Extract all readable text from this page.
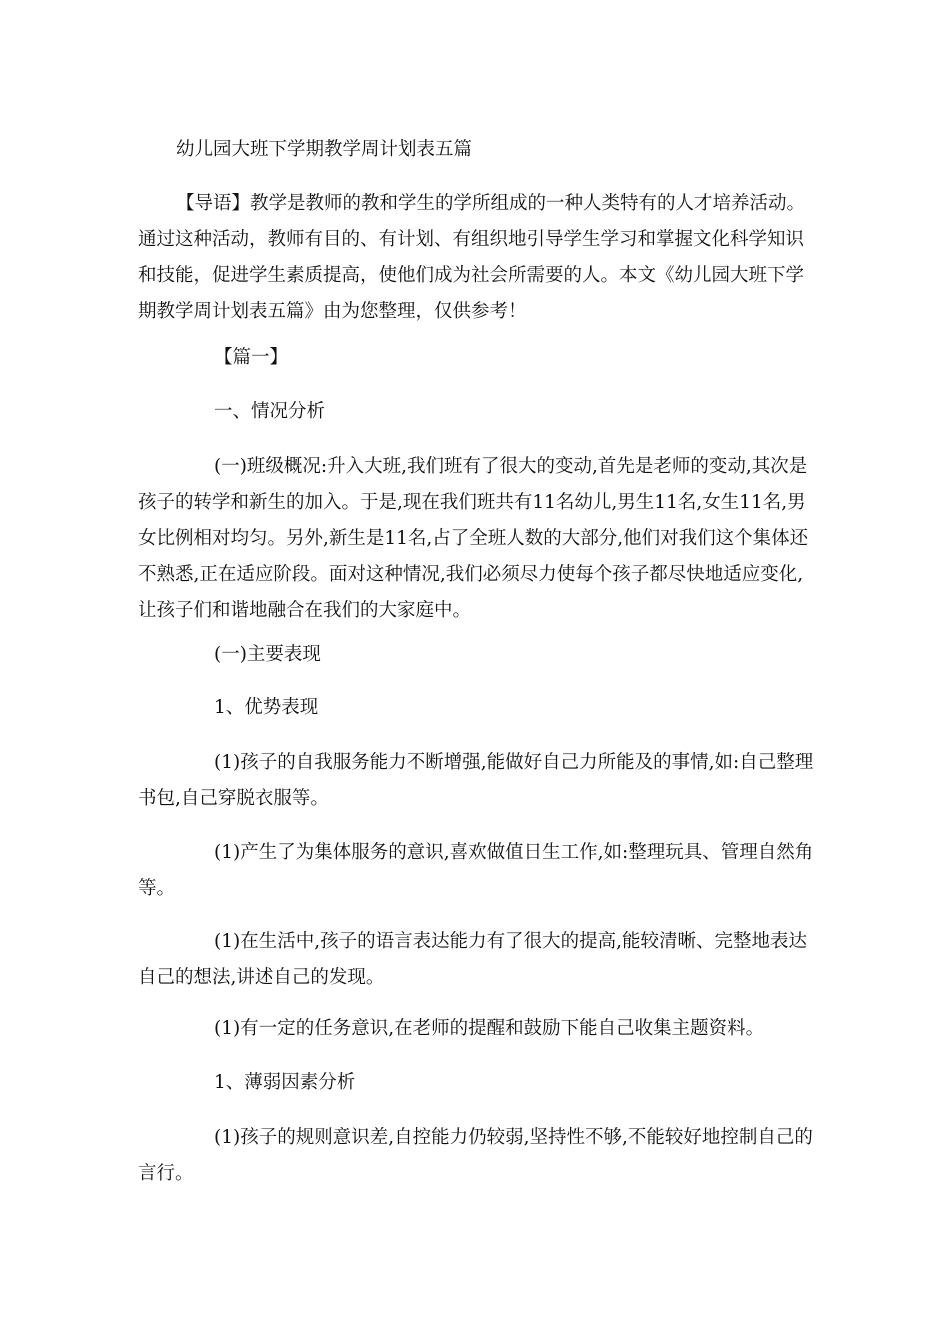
幼儿园大班下学期教学周计划表五篇

【导语】教学是教师的教和学生的学所组成的一种人类特有的人才培养活动。通过这种活动，教师有目的、有计划、有组织地引导学生学习和掌握文化科学知识和技能，促进学生素质提高，使他们成为社会所需要的人。本文《幼儿园大班下学期教学周计划表五篇》由为您整理，仅供参考！

【篇一】

一、情况分析

(一)班级概况:升入大班,我们班有了很大的变动,首先是老师的变动,其次是孩子的转学和新生的加入。于是,现在我们班共有11名幼儿,男生11名,女生11名,男女比例相对均匀。另外,新生是11名,占了全班人数的大部分,他们对我们这个集体还不熟悉,正在适应阶段。面对这种情况,我们必须尽力使每个孩子都尽快地适应变化,让孩子们和谐地融合在我们的大家庭中。

(一)主要表现

1、优势表现

(1)孩子的自我服务能力不断增强,能做好自己力所能及的事情,如:自己整理书包,自己穿脱衣服等。

(1)产生了为集体服务的意识,喜欢做值日生工作,如:整理玩具、管理自然角等。

(1)在生活中,孩子的语言表达能力有了很大的提高,能较清晰、完整地表达自己的想法,讲述自己的发现。

(1)有一定的任务意识,在老师的提醒和鼓励下能自己收集主题资料。

1、薄弱因素分析

(1)孩子的规则意识差,自控能力仍较弱,坚持性不够,不能较好地控制自己的言行。
